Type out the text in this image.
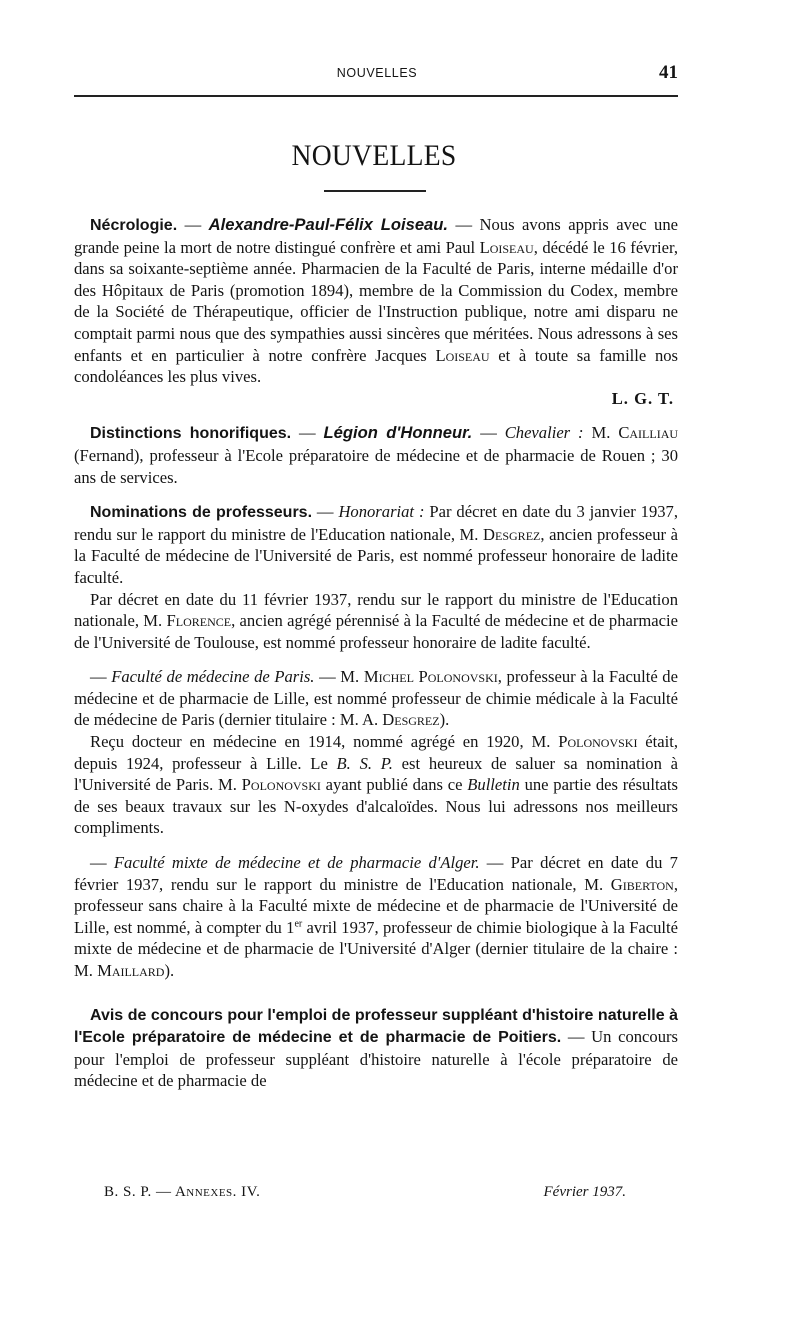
NOUVELLES	41
NOUVELLES

Nécrologie. — Alexandre-Paul-Félix Loiseau. — Nous avons appris avec une grande peine la mort de notre distingué confrère et ami Paul Loiseau, décédé le 16 février, dans sa soixante-septième année. Pharmacien de la Faculté de Paris, interne médaille d'or des Hôpitaux de Paris (promotion 1894), membre de la Commission du Codex, membre de la Société de Thérapeutique, officier de l'Instruction publique, notre ami disparu ne comptait parmi nous que des sympathies aussi sincères que méritées. Nous adressons à ses enfants et en particulier à notre confrère Jacques Loiseau et à toute sa famille nos condoléances les plus vives.
L. G. T.

Distinctions honorifiques. — Légion d'Honneur. — Chevalier : M. Cailliau (Fernand), professeur à l'Ecole préparatoire de médecine et de pharmacie de Rouen ; 30 ans de services.

Nominations de professeurs. — Honorariat : Par décret en date du 3 janvier 1937, rendu sur le rapport du ministre de l'Education nationale, M. Desgrez, ancien professeur à la Faculté de médecine de l'Université de Paris, est nommé professeur honoraire de ladite faculté.

Par décret en date du 11 février 1937, rendu sur le rapport du ministre de l'Education nationale, M. Florence, ancien agrégé pérennisé à la Faculté de médecine et de pharmacie de l'Université de Toulouse, est nommé professeur honoraire de ladite faculté.

— Faculté de médecine de Paris. — M. Michel Polonovski, professeur à la Faculté de médecine et de pharmacie de Lille, est nommé professeur de chimie médicale à la Faculté de médecine de Paris (dernier titulaire : M. A. Desgrez).

Reçu docteur en médecine en 1914, nommé agrégé en 1920, M. Polonovski était, depuis 1924, professeur à Lille. Le B. S. P. est heureux de saluer sa nomination à l'Université de Paris. M. Polonovski ayant publié dans ce Bulletin une partie des résultats de ses beaux travaux sur les N-oxydes d'alcaloïdes. Nous lui adressons nos meilleurs compliments.

— Faculté mixte de médecine et de pharmacie d'Alger. — Par décret en date du 7 février 1937, rendu sur le rapport du ministre de l'Education nationale, M. Giberton, professeur sans chaire à la Faculté mixte de médecine et de pharmacie de l'Université de Lille, est nommé, à compter du 1er avril 1937, professeur de chimie biologique à la Faculté mixte de médecine et de pharmacie de l'Université d'Alger (dernier titulaire de la chaire : M. Maillard).

Avis de concours pour l'emploi de professeur suppléant d'histoire naturelle à l'Ecole préparatoire de médecine et de pharmacie de Poitiers. — Un concours pour l'emploi de professeur suppléant d'histoire naturelle à l'école préparatoire de médecine et de pharmacie de

B. S. P. — Annexes. IV.	Février 1937.
